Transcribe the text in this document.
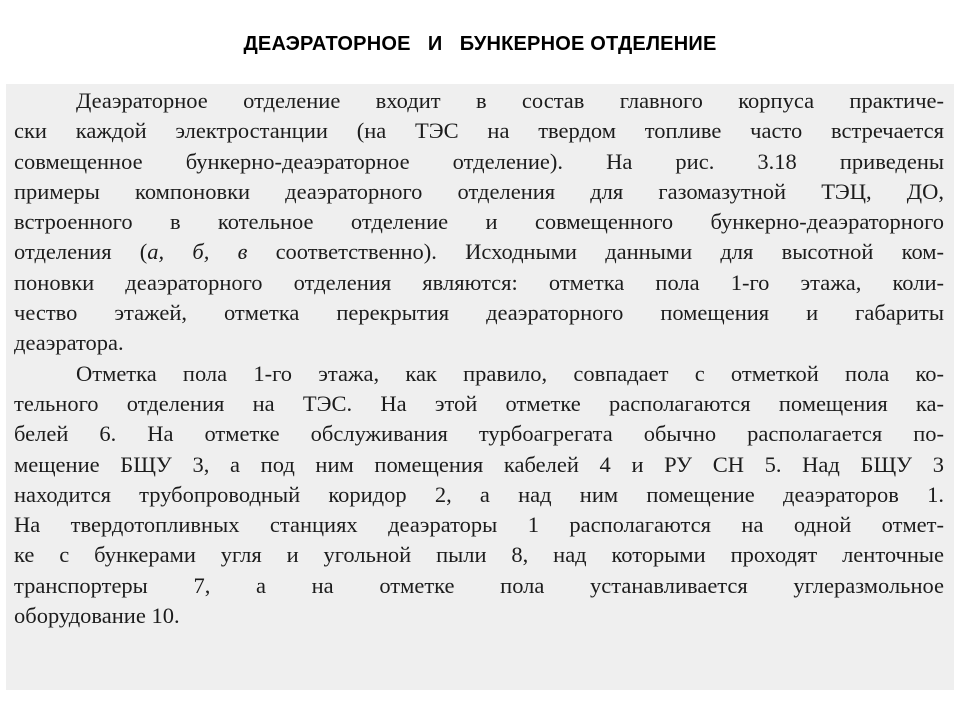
ДЕАЭРАТОРНОЕ   И   БУНКЕРНОЕ ОТДЕЛЕНИЕ
Деаэраторное отделение входит в состав главного корпуса практиче-
ски каждой электростанции (на ТЭС на твердом топливе часто встречается
совмещенное бункерно-деаэраторное отделение). На рис. 3.18 приведены
примеры компоновки деаэраторного отделения для газомазутной ТЭЦ, ДО,
встроенного в котельное отделение и совмещенного бункерно-деаэраторного
отделения (а, б, в соответственно). Исходными данными для высотной ком-
поновки деаэраторного отделения являются: отметка пола 1-го этажа, коли-
чество этажей, отметка перекрытия деаэраторного помещения и габариты
деаэратора.
Отметка пола 1-го этажа, как правило, совпадает с отметкой пола ко-
тельного отделения на ТЭС. На этой отметке располагаются помещения ка-
белей 6. На отметке обслуживания турбоагрегата обычно располагается по-
мещение БЩУ 3, а под ним помещения кабелей 4 и РУ СН 5. Над БЩУ 3
находится трубопроводный коридор 2, а над ним помещение деаэраторов 1.
На твердотопливных станциях деаэраторы 1 располагаются на одной отмет-
ке с бункерами угля и угольной пыли 8, над которыми проходят ленточные
транспортеры 7, а на отметке пола устанавливается углеразмольное
оборудование 10.
